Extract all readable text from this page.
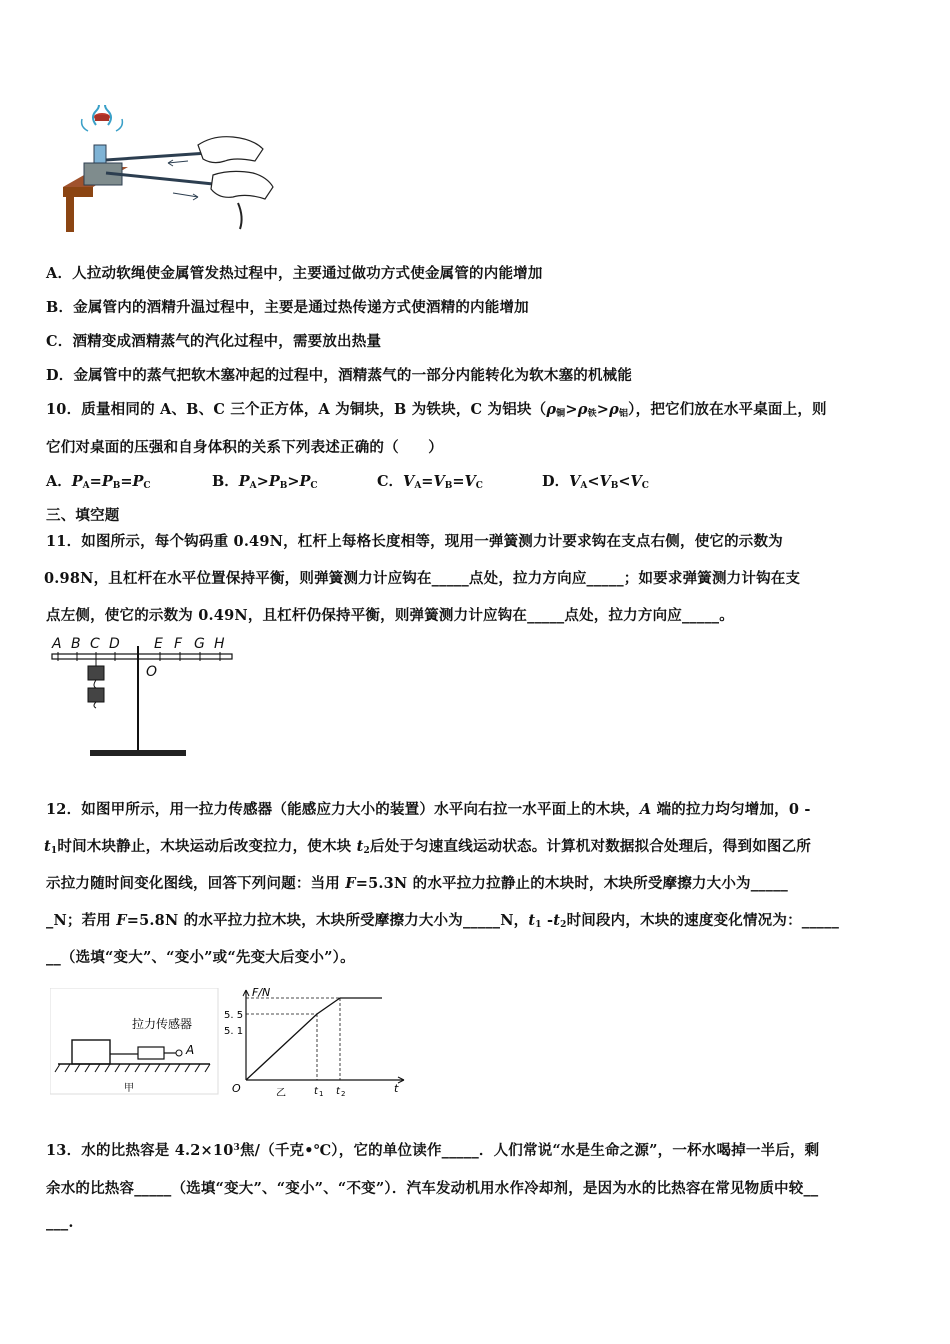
A．人拉动软绳使金属管发热过程中，主要通过做功方式使金属管的内能增加
B．金属管内的酒精升温过程中，主要是通过热传递方式使酒精的内能增加
C．酒精变成酒精蒸气的汽化过程中，需要放出热量
D．金属管中的蒸气把软木塞冲起的过程中，酒精蒸气的一部分内能转化为软木塞的机械能
10．质量相同的 A、B、C 三个正方体，A 为铜块，B 为铁块，C 为铝块$(\rho_铜>\rho_铁>\rho_铝)$，把它们放在水平桌面上，则
它们对桌面的压强和自身体积的关系下列表述正确的（　　）
A．$P_A=P_B=P_C$	B．$P_A>P_B>P_C$	C．$V_A=V_B=V_C$	D．$V_A<V_B<V_C$
三、填空题
11．如图所示，每个钩码重 0.49N，杠杆上每格长度相等，现用一弹簧测力计要求钩在支点右侧，使它的示数为
0.98N，且杠杆在水平位置保持平衡，则弹簧测力计应钩在_____点处，拉力方向应_____；如要求弹簧测力计钩在支
点左侧，使它的示数为 0.49N，且杠杆仍保持平衡，则弹簧测力计应钩在_____点处，拉力方向应_____。
A B C D E F G H
O
12．如图甲所示，用一拉力传感器（能感应力大小的装置）水平向右拉一水平面上的木块，A 端的拉力均匀增加，0 -
$t_1$时间木块静止，木块运动后改变拉力，使木块 $t_2$后处于匀速直线运动状态。计算机对数据拟合处理后，得到如图乙所
示拉力随时间变化图线，回答下列问题：当用 F=5.3N 的水平拉力拉静止的木块时，木块所受摩擦力大小为_____
_N；若用 F=5.8N 的水平拉力拉木块，木块所受摩擦力大小为_____N，$t_1$ $-t_2$时间段内，木块的速度变化情况为：_____
__（选填“变大”、“变小”或“先变大后变小”）。
A
拉力传感器
甲
F/N
5. 5
5. 1
O	t
乙	t 1 t 2
13．水的比热容是 $4.2\times 10^3$焦/（千克•℃），它的单位读作_____．人们常说“水是生命之源”，一杯水喝掉一半后，剩
余水的比热容_____（选填“变大”、“变小”、“不变”）．汽车发动机用水作冷却剂，是因为水的比热容在常见物质中较__
___.
